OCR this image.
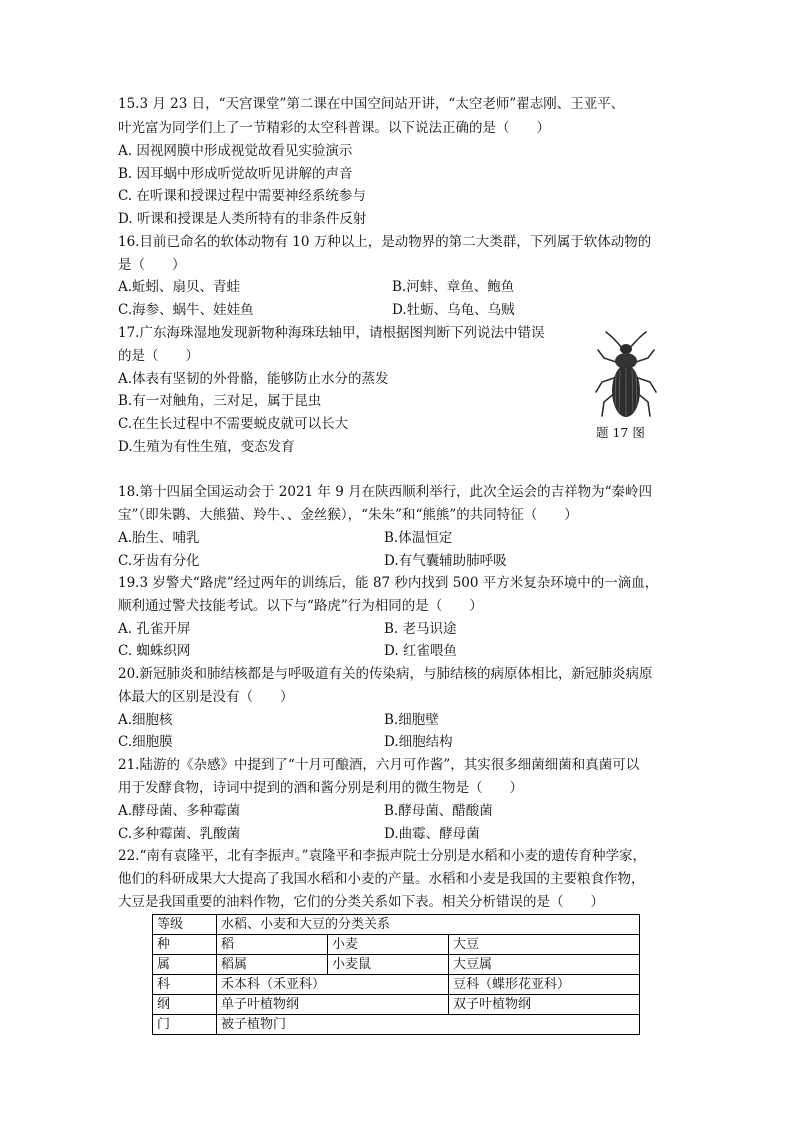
15.3 月 23 日，“天宫课堂”第二课在中国空间站开讲，“太空老师”翟志刚、王亚平、
叶光富为同学们上了一节精彩的太空科普课。以下说法正确的是（　　）
A. 因视网膜中形成视觉故看见实验演示
B. 因耳蜗中形成听觉故听见讲解的声音
C. 在听课和授课过程中需要神经系统参与
D. 听课和授课是人类所特有的非条件反射
16.目前已命名的软体动物有 10 万种以上，是动物界的第二大类群，下列属于软体动物的
是（　　）
A.蚯蚓、扇贝、青蛙	B.河蚌、章鱼、鲍鱼
C.海参、蜗牛、娃娃鱼	D.牡蛎、乌龟、乌贼
17.广东海珠湿地发现新物种海珠珐轴甲，请根据图判断下列说法中错误
的是（　　）
A.体表有坚韧的外骨骼，能够防止水分的蒸发
B.有一对触角，三对足，属于昆虫
C.在生长过程中不需要蜕皮就可以长大
D.生殖为有性生殖，变态发育
题 17 图
18.第十四届全国运动会于 2021 年 9 月在陕西顺利举行，此次全运会的吉祥物为“秦岭四
宝”（即朱鹮、大熊猫、羚牛、、金丝猴），“朱朱”和“熊熊”的共同特征（　　）
A.胎生、哺乳	B.体温恒定
C.牙齿有分化	D.有气囊辅助肺呼吸
19.3 岁警犬“路虎”经过两年的训练后，能 87 秒内找到 500 平方米复杂环境中的一滴血，
顺利通过警犬技能考试。以下与“路虎”行为相同的是（　　）
A. 孔雀开屏	B. 老马识途
C. 蜘蛛织网	D. 红雀喂鱼
20.新冠肺炎和肺结核都是与呼吸道有关的传染病，与肺结核的病原体相比，新冠肺炎病原
体最大的区别是没有（　　）
A.细胞核	B.细胞壁
C.细胞膜	D.细胞结构
21.陆游的《杂感》中提到了“十月可酿酒，六月可作酱”，其实很多细菌细菌和真菌可以
用于发酵食物，诗词中提到的酒和酱分别是利用的微生物是（　　）
A.酵母菌、多种霉菌	B.酵母菌、醋酸菌
C.多种霉菌、乳酸菌	D.曲霉、酵母菌
22.“南有袁隆平，北有李振声。”袁隆平和李振声院士分别是水稻和小麦的遗传育种学家，
他们的科研成果大大提高了我国水稻和小麦的产量。水稻和小麦是我国的主要粮食作物，
等级	水稻、小麦和大豆的分类关系		
种	稻	小麦	大豆
属	稻属	小麦鼠	大豆属
科	禾本科（禾亚科）		豆科（蝶形花亚科）
纲	单子叶植物纲		双子叶植物纲
门	被子植物门		
大豆是我国重要的油料作物，它们的分类关系如下表。相关分析错误的是（　　）
